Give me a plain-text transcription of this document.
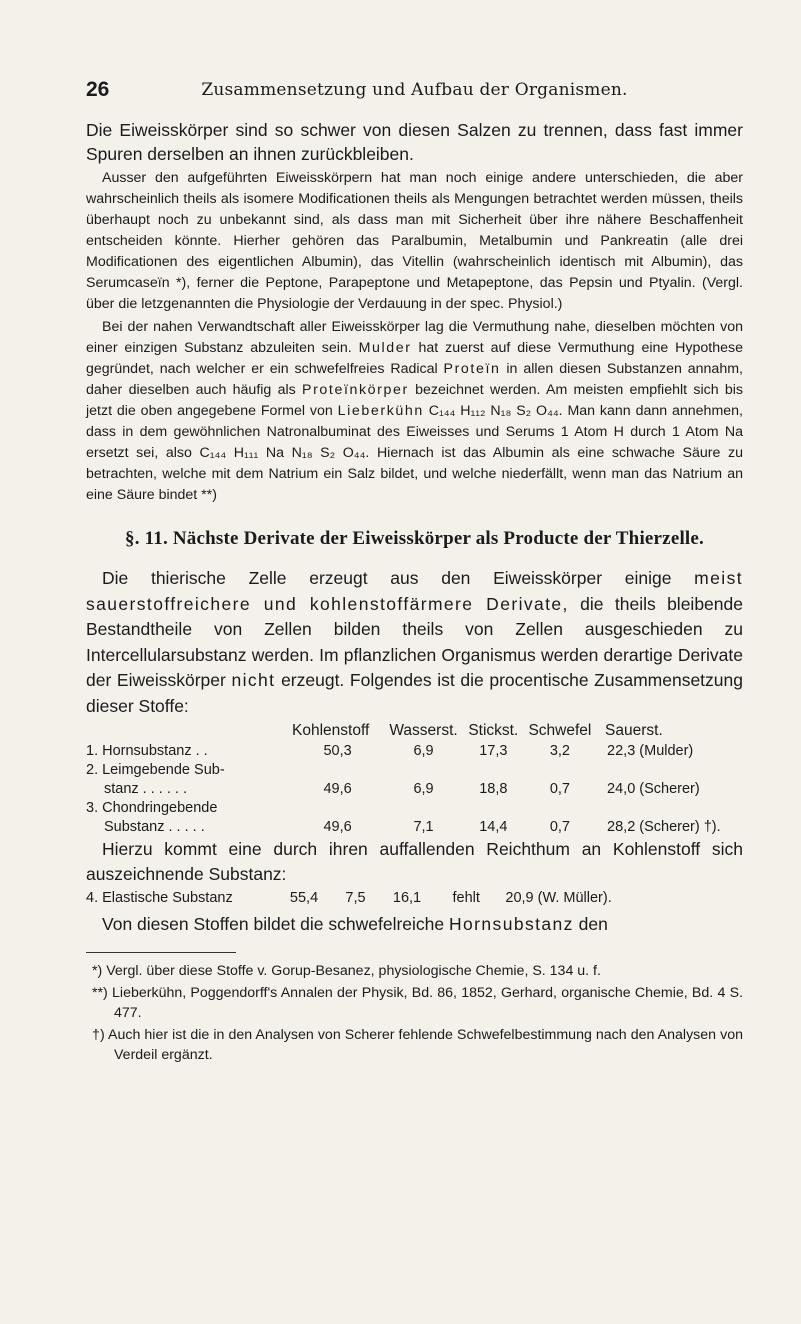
26	Zusammensetzung und Aufbau der Organismen.

Die Eiweisskörper sind so schwer von diesen Salzen zu trennen, dass fast immer Spuren derselben an ihnen zurückbleiben.

Ausser den aufgeführten Eiweisskörpern hat man noch einige andere unterschieden, die aber wahrscheinlich theils als isomere Modificationen theils als Mengungen betrachtet werden müssen, theils überhaupt noch zu unbekannt sind, als dass man mit Sicherheit über ihre nähere Beschaffenheit entscheiden könnte. Hierher gehören das Paralbumin, Metalbumin und Pankreatin (alle drei Modificationen des eigentlichen Albumin), das Vitellin (wahrscheinlich identisch mit Albumin), das Serumcaseïn *), ferner die Peptone, Parapeptone und Metapeptone, das Pepsin und Ptyalin. (Vergl. über die letzgenannten die Physiologie der Verdauung in der spec. Physiol.)

Bei der nahen Verwandtschaft aller Eiweisskörper lag die Vermuthung nahe, dieselben möchten von einer einzigen Substanz abzuleiten sein. Mulder hat zuerst auf diese Vermuthung eine Hypothese gegründet, nach welcher er ein schwefelfreies Radical Proteïn in allen diesen Substanzen annahm, daher dieselben auch häufig als Proteïnkörper bezeichnet werden. Am meisten empfiehlt sich bis jetzt die oben angegebene Formel von Lieberkühn C₁₄₄ H₁₁₂ N₁₈ S₂ O₄₄. Man kann dann annehmen, dass in dem gewöhnlichen Natronalbuminat des Eiweisses und Serums 1 Atom H durch 1 Atom Na ersetzt sei, also C₁₄₄ H₁₁₁ Na N₁₈ S₂ O₄₄. Hiernach ist das Albumin als eine schwache Säure zu betrachten, welche mit dem Natrium ein Salz bildet, und welche niederfällt, wenn man das Natrium an eine Säure bindet **)

§. 11. Nächste Derivate der Eiweisskörper als Producte der Thierzelle.

Die thierische Zelle erzeugt aus den Eiweisskörper einige meist sauerstoffreichere und kohlenstoffärmere Derivate, die theils bleibende Bestandtheile von Zellen bilden theils von Zellen ausgeschieden zu Intercellularsubstanz werden. Im pflanzlichen Organismus werden derartige Derivate der Eiweisskörper nicht erzeugt. Folgendes ist die procentische Zusammensetzung dieser Stoffe:

	Kohlenstoff	Wasserst.	Stickst.	Schwefel	Sauerst.
1. Hornsubstanz . .	50,3	6,9	17,3	3,2	22,3 (Mulder)
2. Leimgebende Sub-					
stanz . . . . . .	49,6	6,9	18,8	0,7	24,0 (Scherer)
3. Chondringebende					
Substanz . . . . .	49,6	7,1	14,4	0,7	28,2 (Scherer) †).

Hierzu kommt eine durch ihren auffallenden Reichthum an Kohlenstoff sich auszeichnende Substanz:

4. Elastische Substanz	55,4	7,5	16,1	fehlt	20,9 (W. Müller).

Von diesen Stoffen bildet die schwefelreiche Hornsubstanz den

*) Vergl. über diese Stoffe v. Gorup-Besanez, physiologische Chemie, S. 134 u. f.

**) Lieberkühn, Poggendorff's Annalen der Physik, Bd. 86, 1852, Gerhard, organische Chemie, Bd. 4 S. 477.

†) Auch hier ist die in den Analysen von Scherer fehlende Schwefelbestimmung nach den Analysen von Verdeil ergänzt.
